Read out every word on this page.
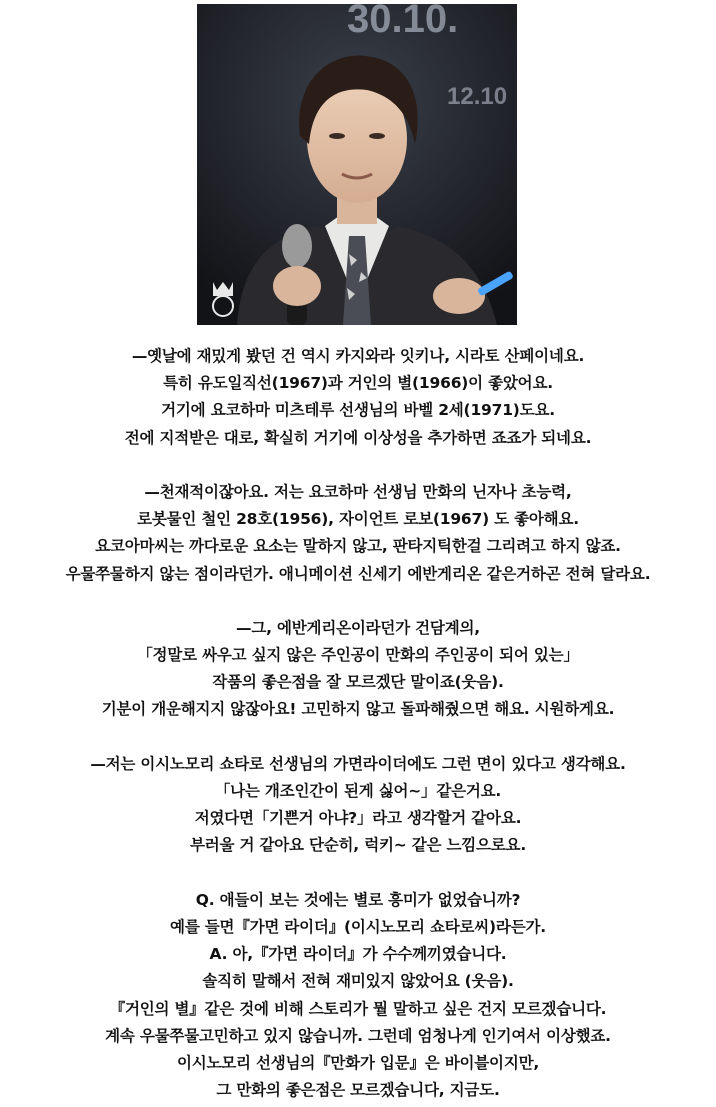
30.10.
12.10
—옛날에 재밌게 봤던 건 역시 카지와라 잇키나, 시라토 산페이네요.
특히 유도일직선(1967)과 거인의 별(1966)이 좋았어요.
거기에 요코하마 미츠테루 선생님의 바벨 2세(1971)도요.
전에 지적받은 대로, 확실히 거기에 이상성을 추가하면 죠죠가 되네요.
—천재적이잖아요. 저는 요코하마 선생님 만화의 닌자나 초능력,
로봇물인 철인 28호(1956), 자이언트 로보(1967) 도 좋아해요.
요코아마씨는 까다로운 요소는 말하지 않고, 판타지틱한걸 그리려고 하지 않죠.
우물쭈물하지 않는 점이라던가. 애니메이션 신세기 에반게리온 같은거하곤 전혀 달라요.
—그, 에반게리온이라던가 건담계의,
「정말로 싸우고 싶지 않은 주인공이 만화의 주인공이 되어 있는」
작품의 좋은점을 잘 모르겠단 말이죠(웃음).
기분이 개운해지지 않잖아요! 고민하지 않고 돌파해줬으면 해요. 시원하게요.
—저는 이시노모리 쇼타로 선생님의 가면라이더에도 그런 면이 있다고 생각해요.
「나는 개조인간이 된게 싫어~」같은거요.
저였다면「기쁜거 아냐?」라고 생각할거 같아요.
부러울 거 같아요 단순히, 럭키~ 같은 느낌으로요.
Q. 애들이 보는 것에는 별로 흥미가 없었습니까?
예를 들면『가면 라이더』(이시노모리 쇼타로씨)라든가.
A. 아,『가면 라이더』가 수수께끼였습니다.
솔직히 말해서 전혀 재미있지 않았어요 (웃음).
『거인의 별』같은 것에 비해 스토리가 뭘 말하고 싶은 건지 모르겠습니다.
계속 우물쭈물고민하고 있지 않습니까. 그런데 엄청나게 인기여서 이상했죠.
이시노모리 선생님의『만화가 입문』은 바이블이지만,
그 만화의 좋은점은 모르겠습니다, 지금도.
